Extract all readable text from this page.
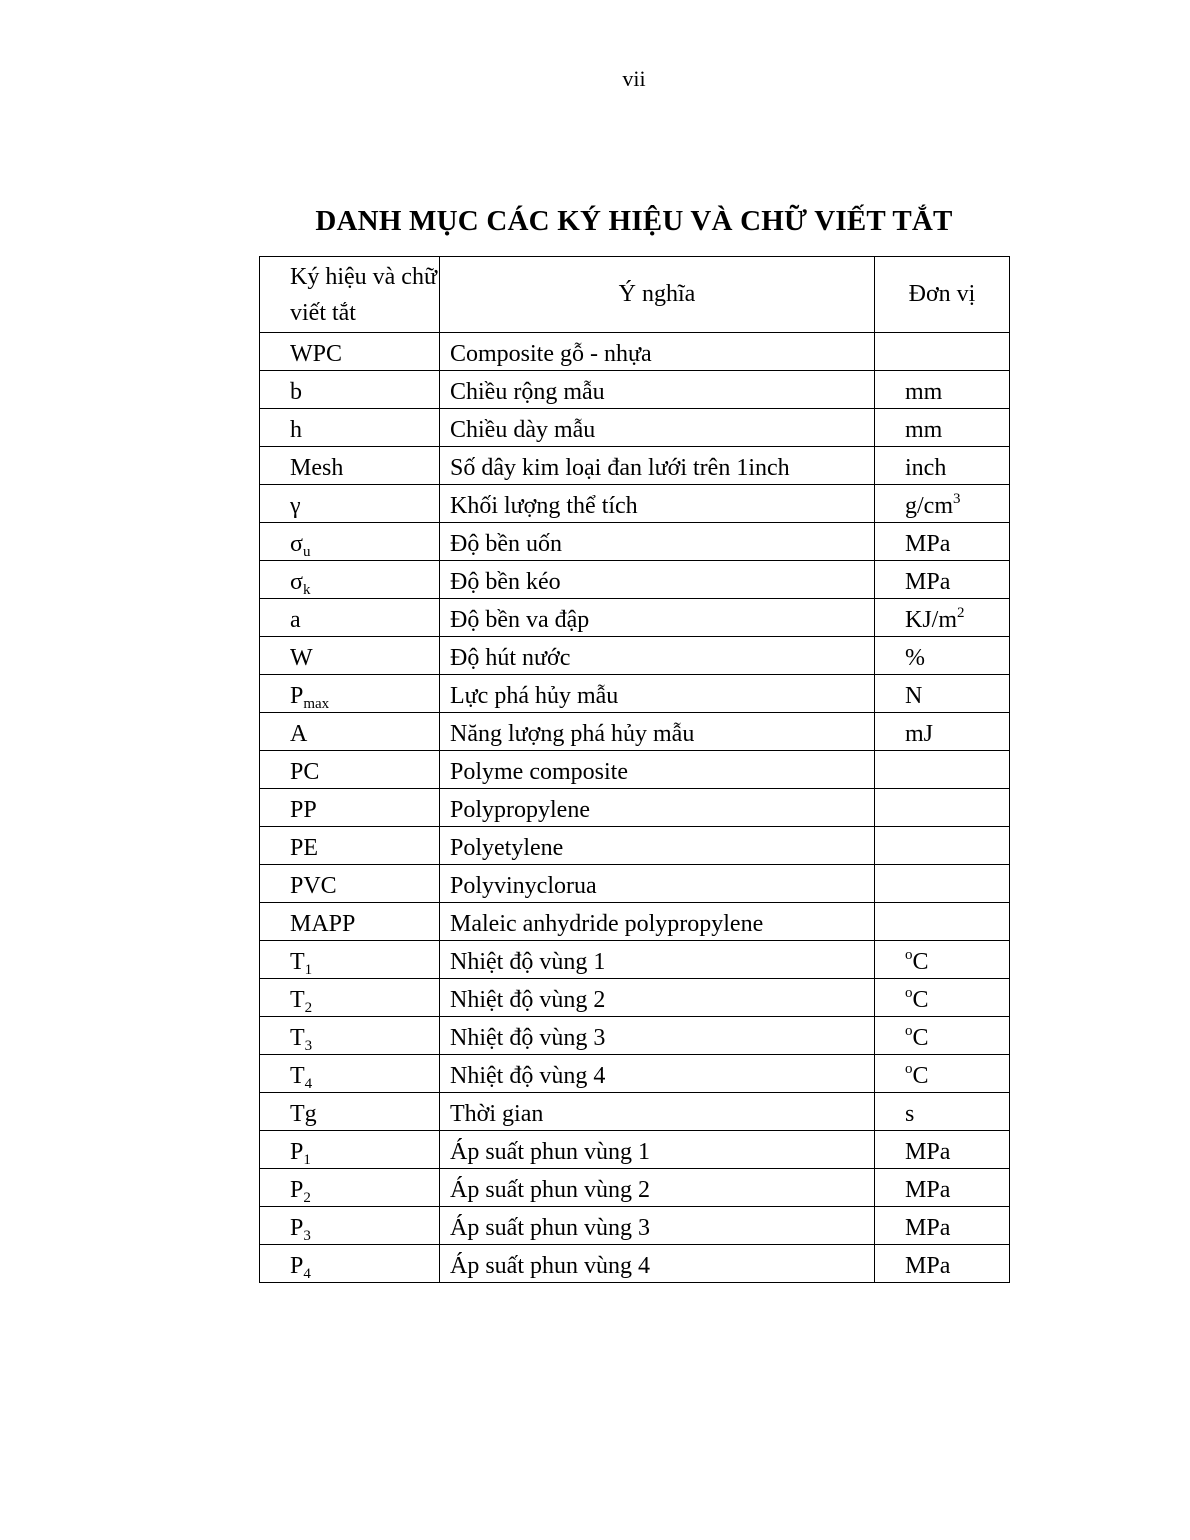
vii
DANH MỤC CÁC KÝ HIỆU VÀ CHỮ VIẾT TẮT
Ký hiệu và chữ viết tắt	Ý nghĩa	Đơn vị
WPC	Composite gỗ - nhựa	
b	Chiều rộng mẫu	mm
h	Chiều dày mẫu	mm
Mesh	Số dây kim loại đan lưới trên 1inch	inch
γ	Khối lượng thể tích	$g/cm^3$
$\sigma_u$	Độ bền uốn	MPa
$\sigma_k$	Độ bền kéo	MPa
a	Độ bền va đập	$KJ/m^2$
W	Độ hút nước	%
$P_{max}$	Lực phá hủy mẫu	N
A	Năng lượng phá hủy mẫu	mJ
PC	Polyme composite	
PP	Polypropylene	
PE	Polyetylene	
PVC	Polyvinyclorua	
MAPP	Maleic anhydride polypropylene	
$T_1$	Nhiệt độ vùng 1	$^o$C
$T_2$	Nhiệt độ vùng 2	$^o$C
$T_3$	Nhiệt độ vùng 3	$^o$C
$T_4$	Nhiệt độ vùng 4	$^o$C
Tg	Thời gian	s
$P_1$	Áp suất phun vùng 1	MPa
$P_2$	Áp suất phun vùng 2	MPa
$P_3$	Áp suất phun vùng 3	MPa
$P_4$	Áp suất phun vùng 4	MPa
